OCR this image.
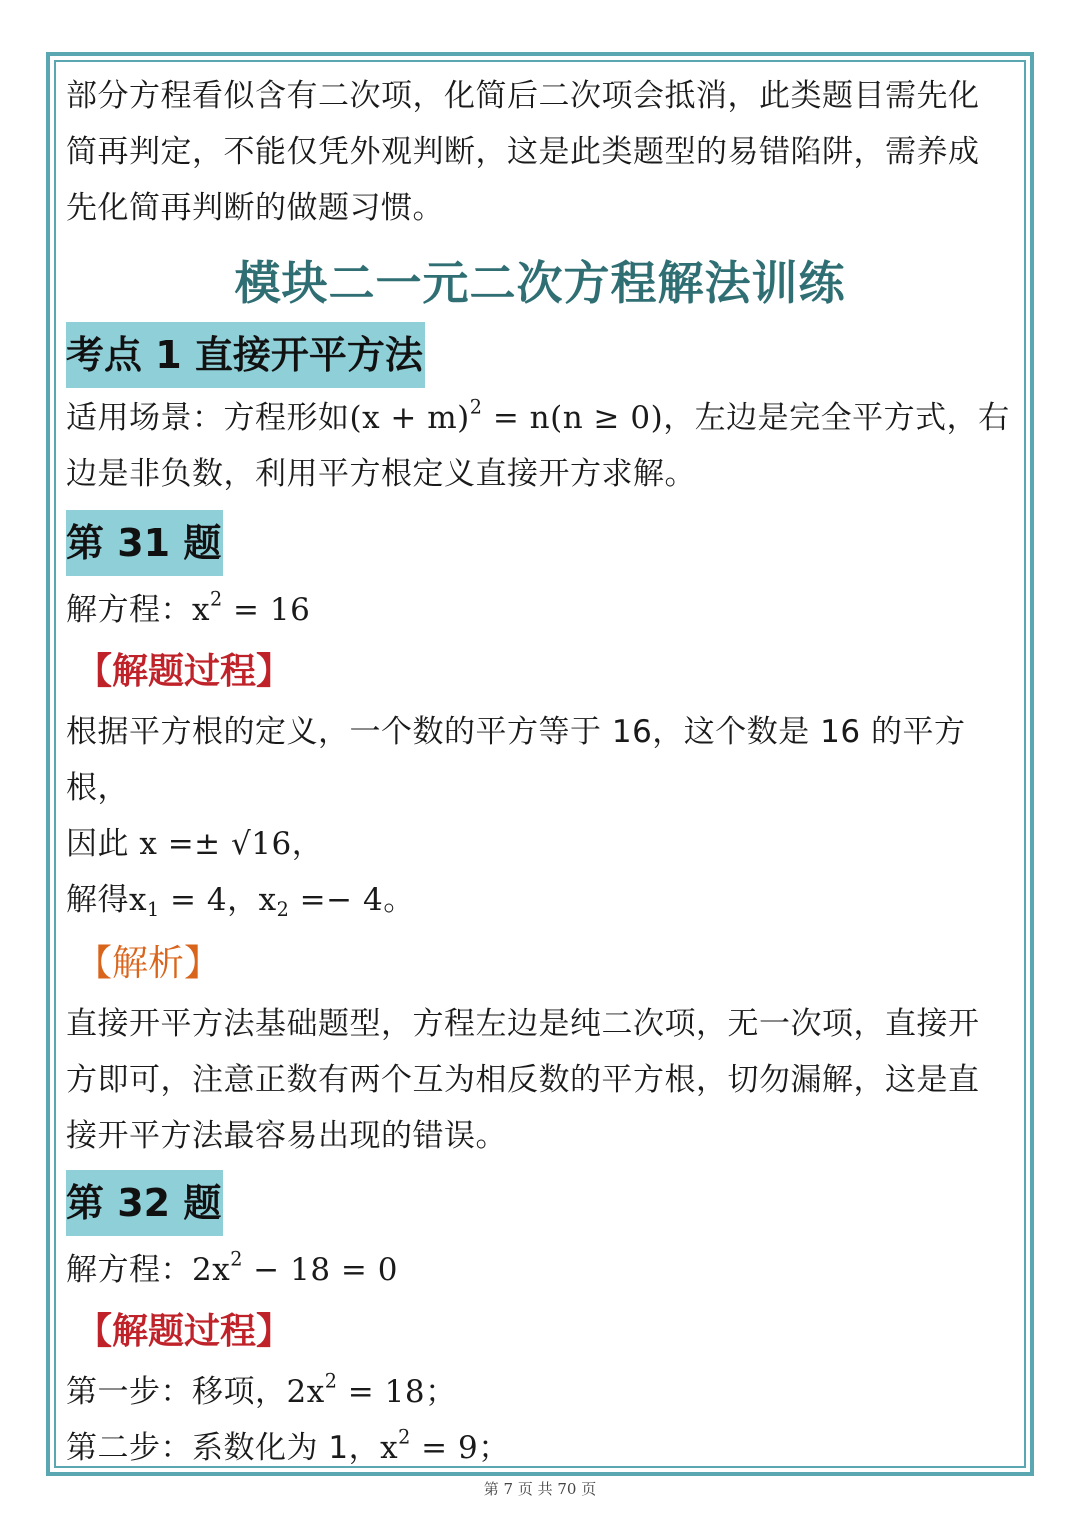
部分方程看似含有二次项，化简后二次项会抵消，此类题目需先化
简再判定，不能仅凭外观判断，这是此类题型的易错陷阱，需养成
先化简再判断的做题习惯。

模块二一元二次方程解法训练
考点 1 直接开平方法

适用场景：方程形如$(x + m)^2 = n(n \ge 0)$，左边是完全平方式，右
边是非负数，利用平方根定义直接开方求解。

第 31 题

解方程：$x^2 = 16$

【解题过程】

根据平方根的定义，一个数的平方等于 16，这个数是 16 的平方
根，
因此 x =± √16，
解得$x_1 = 4$，$x_2 =- 4$。

【解析】

直接开平方法基础题型，方程左边是纯二次项，无一次项，直接开
方即可，注意正数有两个互为相反数的平方根，切勿漏解，这是直
接开平方法最容易出现的错误。

第 32 题

解方程：$2x^2 - 18 = 0$

【解题过程】

第一步：移项，$2x^2 = 18$；
第二步：系数化为 1，$x^2 = 9$；

第 7 页 共 70 页
